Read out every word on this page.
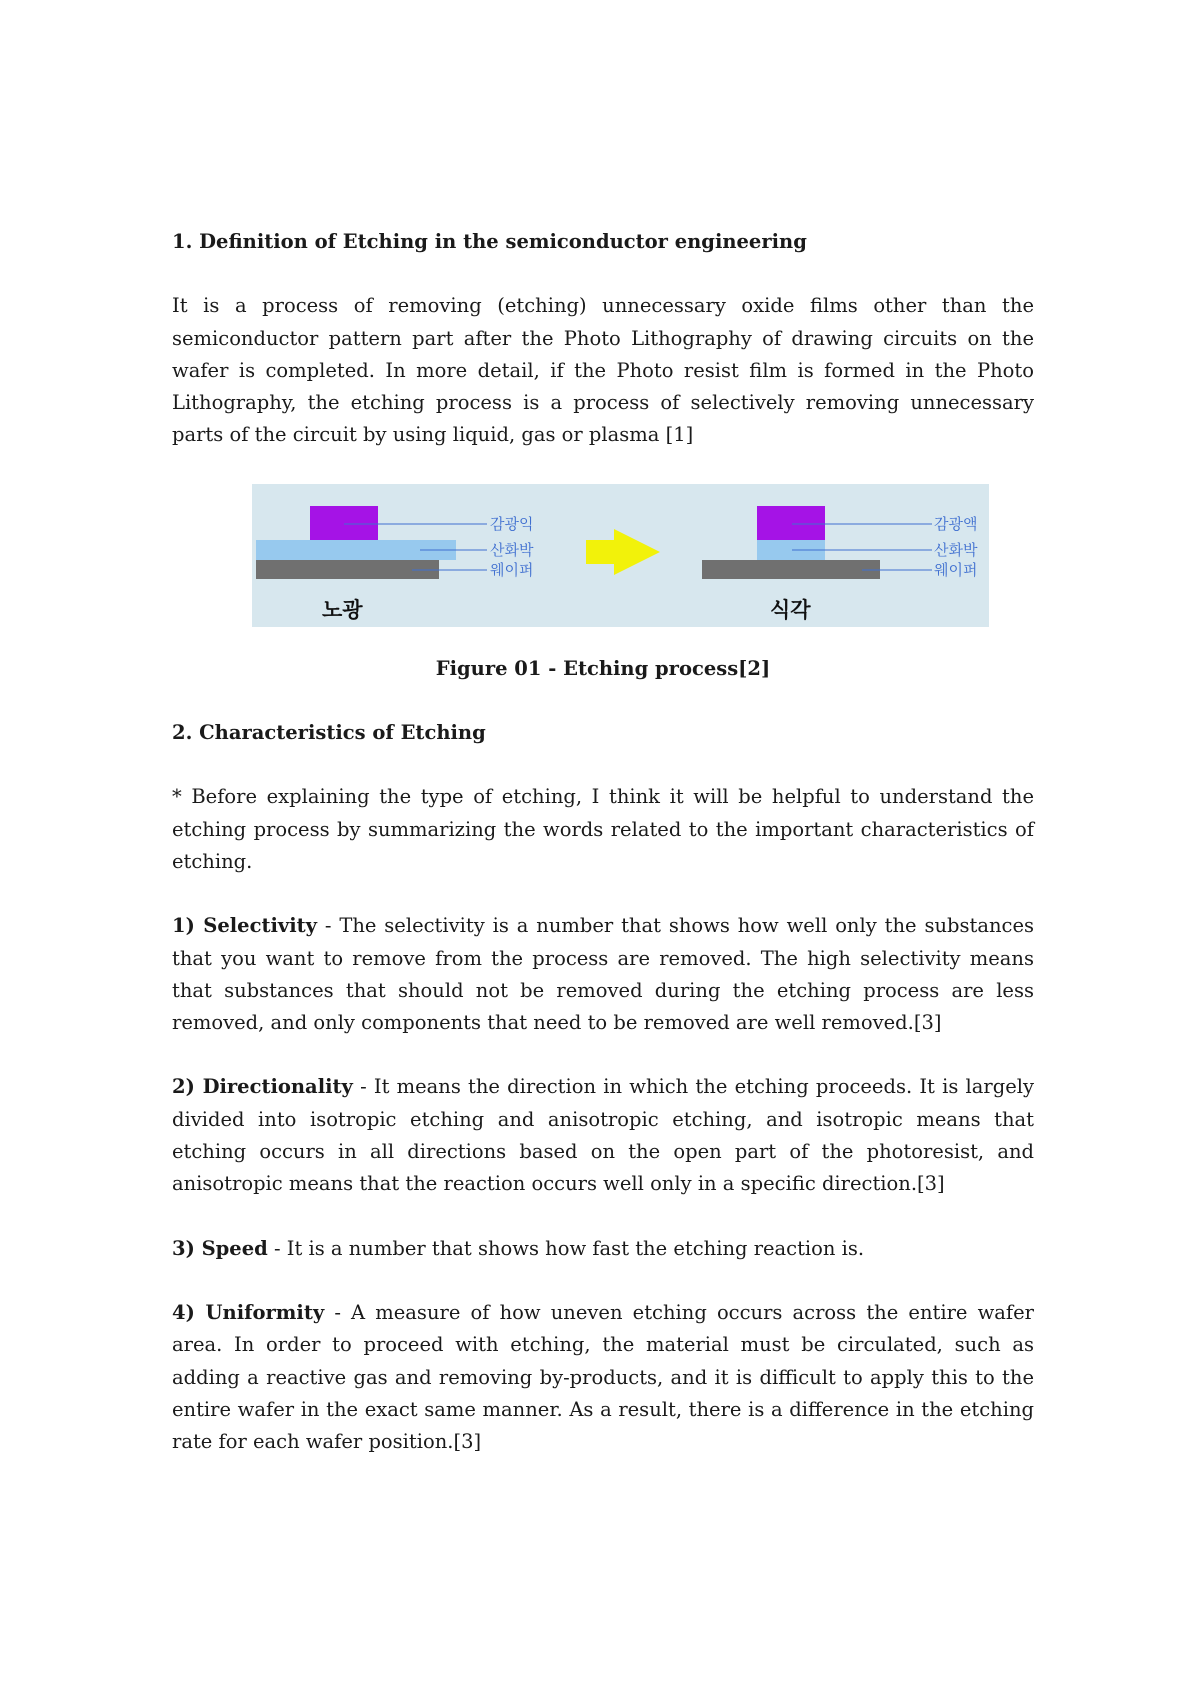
1. Definition of Etching in the semiconductor engineering

It is a process of removing (etching) unnecessary oxide films other than the semiconductor pattern part after the Photo Lithography of drawing circuits on the wafer is completed. In more detail, if the Photo resist film is formed in the Photo Lithography, the etching process is a process of selectively removing unnecessary parts of the circuit by using liquid, gas or plasma [1]

감광익
산화박
웨이퍼
감광액
산화박
웨이퍼
노광	식각
Figure 01 - Etching process[2]
2. Characteristics of Etching

* Before explaining the type of etching, I think it will be helpful to understand the etching process by summarizing the words related to the important characteristics of etching.

1) Selectivity - The selectivity is a number that shows how well only the substances that you want to remove from the process are removed. The high selectivity means that substances that should not be removed during the etching process are less removed, and only components that need to be removed are well removed.[3]

2) Directionality - It means the direction in which the etching proceeds. It is largely divided into isotropic etching and anisotropic etching, and isotropic means that etching occurs in all directions based on the open part of the photoresist, and anisotropic means that the reaction occurs well only in a specific direction.[3]

3) Speed - It is a number that shows how fast the etching reaction is.

4) Uniformity - A measure of how uneven etching occurs across the entire wafer area. In order to proceed with etching, the material must be circulated, such as adding a reactive gas and removing by-products, and it is difficult to apply this to the entire wafer in the exact same manner. As a result, there is a difference in the etching rate for each wafer position.[3]
